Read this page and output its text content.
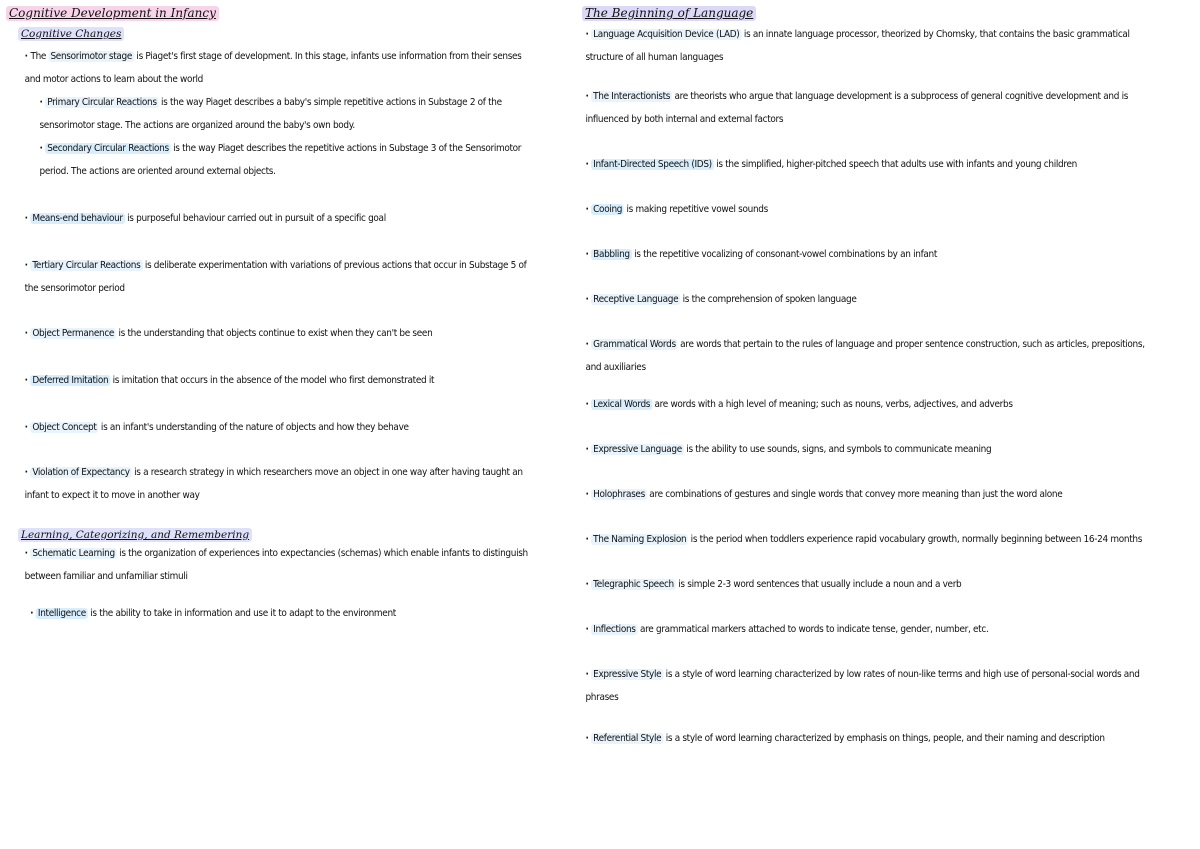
Cognitive Development in Infancy
Cognitive Changes
· The Sensorimotor stage is Piaget's first stage of development. In this stage, infants use information from their senses and motor actions to learn about the world
· Primary Circular Reactions is the way Piaget describes a baby's simple repetitive actions in Substage 2 of the sensorimotor stage. The actions are organized around the baby's own body.
· Secondary Circular Reactions is the way Piaget describes the repetitive actions in Substage 3 of the Sensorimotor period. The actions are oriented around external objects.
· Means-end behaviour is purposeful behaviour carried out in pursuit of a specific goal
· Tertiary Circular Reactions is deliberate experimentation with variations of previous actions that occur in Substage 5 of the sensorimotor period
· Object Permanence is the understanding that objects continue to exist when they can't be seen
· Deferred Imitation is imitation that occurs in the absence of the model who first demonstrated it
· Object Concept is an infant's understanding of the nature of objects and how they behave
· Violation of Expectancy is a research strategy in which researchers move an object in one way after having taught an infant to expect it to move in another way
Learning, Categorizing, and Remembering
· Schematic Learning is the organization of experiences into expectancies (schemas) which enable infants to distinguish between familiar and unfamiliar stimuli
· Intelligence is the ability to take in information and use it to adapt to the environment
The Beginning of Language
· Language Acquisition Device (LAD) is an innate language processor, theorized by Chomsky, that contains the basic grammatical structure of all human languages
· The Interactionists are theorists who argue that language development is a subprocess of general cognitive development and is influenced by both internal and external factors
· Infant-Directed Speech (IDS) is the simplified, higher-pitched speech that adults use with infants and young children
· Cooing is making repetitive vowel sounds
· Babbling is the repetitive vocalizing of consonant-vowel combinations by an infant
· Receptive Language is the comprehension of spoken language
· Grammatical Words are words that pertain to the rules of language and proper sentence construction, such as articles, prepositions, and auxiliaries
· Lexical Words are words with a high level of meaning; such as nouns, verbs, adjectives, and adverbs
· Expressive Language is the ability to use sounds, signs, and symbols to communicate meaning
· Holophrases are combinations of gestures and single words that convey more meaning than just the word alone
· The Naming Explosion is the period when toddlers experience rapid vocabulary growth, normally beginning between 16-24 months
· Telegraphic Speech is simple 2-3 word sentences that usually include a noun and a verb
· Inflections are grammatical markers attached to words to indicate tense, gender, number, etc.
· Expressive Style is a style of word learning characterized by low rates of noun-like terms and high use of personal-social words and phrases
· Referential Style is a style of word learning characterized by emphasis on things, people, and their naming and description
